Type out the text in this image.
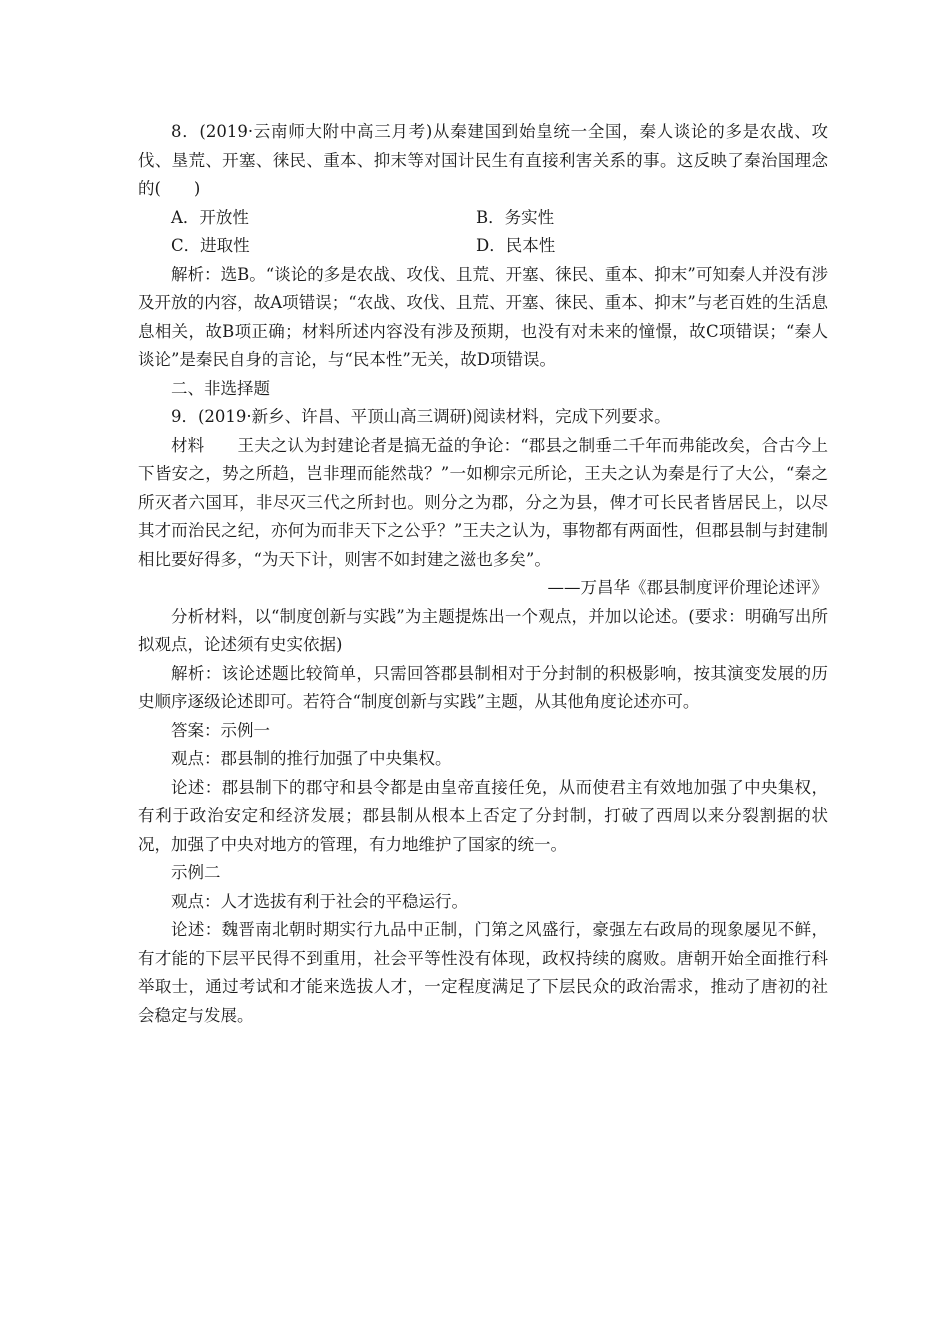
8．(2019·云南师大附中高三月考)从秦建国到始皇统一全国，秦人谈论的多是农战、攻伐、垦荒、开塞、徕民、重本、抑末等对国计民生有直接利害关系的事。这反映了秦治国理念的(　　)

A．开放性	B．务实性
C．进取性	D．民本性

解析：选B。“谈论的多是农战、攻伐、且荒、开塞、徕民、重本、抑末”可知秦人并没有涉及开放的内容，故A项错误；“农战、攻伐、且荒、开塞、徕民、重本、抑末”与老百姓的生活息息相关，故B项正确；材料所述内容没有涉及预期，也没有对未来的憧憬，故C项错误；“秦人谈论”是秦民自身的言论，与“民本性”无关，故D项错误。

二、非选择题

9．(2019·新乡、许昌、平顶山高三调研)阅读材料，完成下列要求。

材料　　王夫之认为封建论者是搞无益的争论：“郡县之制垂二千年而弗能改矣，合古今上下皆安之，势之所趋，岂非理而能然哉？”一如柳宗元所论，王夫之认为秦是行了大公，“秦之所灭者六国耳，非尽灭三代之所封也。则分之为郡，分之为县，俾才可长民者皆居民上，以尽其才而治民之纪，亦何为而非天下之公乎？”王夫之认为，事物都有两面性，但郡县制与封建制相比要好得多，“为天下计，则害不如封建之滋也多矣”。

——万昌华《郡县制度评价理论述评》

分析材料，以“制度创新与实践”为主题提炼出一个观点，并加以论述。(要求：明确写出所拟观点，论述须有史实依据)

解析：该论述题比较简单，只需回答郡县制相对于分封制的积极影响，按其演变发展的历史顺序逐级论述即可。若符合“制度创新与实践”主题，从其他角度论述亦可。

答案：示例一

观点：郡县制的推行加强了中央集权。

论述：郡县制下的郡守和县令都是由皇帝直接任免，从而使君主有效地加强了中央集权，有利于政治安定和经济发展；郡县制从根本上否定了分封制，打破了西周以来分裂割据的状况，加强了中央对地方的管理，有力地维护了国家的统一。

示例二

观点：人才选拔有利于社会的平稳运行。

论述：魏晋南北朝时期实行九品中正制，门第之风盛行，豪强左右政局的现象屡见不鲜，有才能的下层平民得不到重用，社会平等性没有体现，政权持续的腐败。唐朝开始全面推行科举取士，通过考试和才能来选拔人才，一定程度满足了下层民众的政治需求，推动了唐初的社会稳定与发展。
